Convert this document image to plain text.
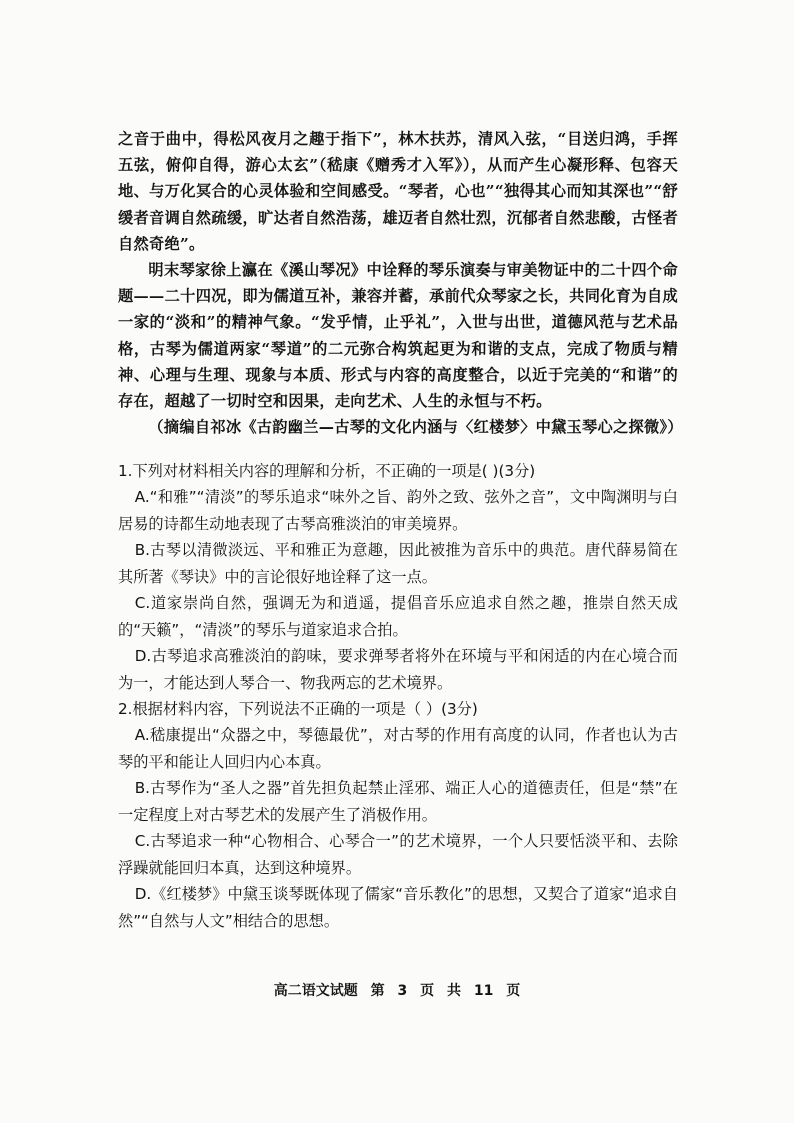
之音于曲中，得松风夜月之趣于指下”，林木扶苏，清风入弦，“目送归鸿，手挥五弦，俯仰自得，游心太玄”（嵇康《赠秀才入军》），从而产生心凝形释、包容天地、与万化冥合的心灵体验和空间感受。“琴者，心也”“独得其心而知其深也”“舒缓者音调自然疏缓，旷达者自然浩荡，雄迈者自然壮烈，沉郁者自然悲酸，古怪者自然奇绝”。

明末琴家徐上瀛在《溪山琴况》中诠释的琴乐演奏与审美物证中的二十四个命题——二十四况，即为儒道互补，兼容并蓄，承前代众琴家之长，共同化育为自成一家的“淡和”的精神气象。“发乎情，止乎礼”，入世与出世，道德风范与艺术品格，古琴为儒道两家“琴道”的二元弥合构筑起更为和谐的支点，完成了物质与精神、心理与生理、现象与本质、形式与内容的高度整合，以近于完美的“和谐”的存在，超越了一切时空和因果，走向艺术、人生的永恒与不朽。

（摘编自祁冰《古韵幽兰—古琴的文化内涵与〈红楼梦〉中黛玉琴心之探微》）

1.下列对材料相关内容的理解和分析，不正确的一项是( )(3分)

A.“和雅”“清淡”的琴乐追求“味外之旨、韵外之致、弦外之音”，文中陶渊明与白居易的诗都生动地表现了古琴高雅淡泊的审美境界。

B.古琴以清微淡远、平和雅正为意趣，因此被推为音乐中的典范。唐代薛易简在其所著《琴诀》中的言论很好地诠释了这一点。

C.道家崇尚自然，强调无为和逍遥，提倡音乐应追求自然之趣，推崇自然天成的“天籁”，“清淡”的琴乐与道家追求合拍。

D.古琴追求高雅淡泊的韵味，要求弹琴者将外在环境与平和闲适的内在心境合而为一，才能达到人琴合一、物我两忘的艺术境界。

2.根据材料内容，下列说法不正确的一项是（ ）(3分)

A.嵇康提出“众器之中，琴德最优”，对古琴的作用有高度的认同，作者也认为古琴的平和能让人回归内心本真。

B.古琴作为“圣人之器”首先担负起禁止淫邪、端正人心的道德责任，但是“禁”在一定程度上对古琴艺术的发展产生了消极作用。

C.古琴追求一种“心物相合、心琴合一”的艺术境界，一个人只要恬淡平和、去除浮躁就能回归本真，达到这种境界。

D.《红楼梦》中黛玉谈琴既体现了儒家“音乐教化”的思想，又契合了道家“追求自然”“自然与人文”相结合的思想。

高二语文试题 第 3 页 共 11 页
